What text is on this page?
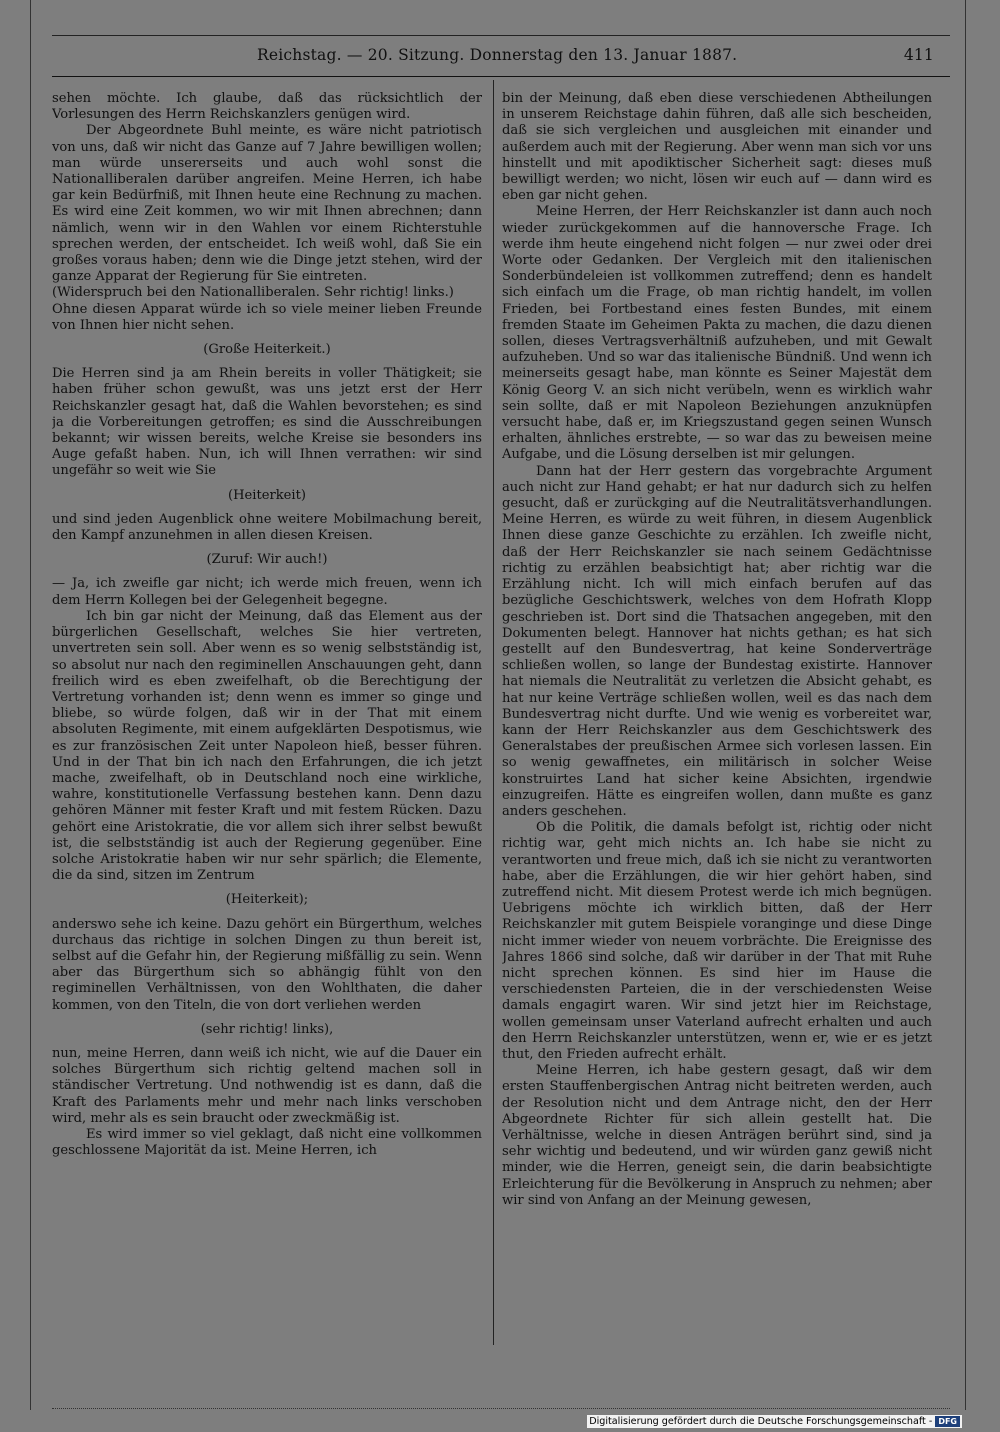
Reichstag. — 20. Sitzung. Donnerstag den 13. Januar 1887.	411

sehen möchte. Ich glaube, daß das rücksichtlich der Vorlesungen des Herrn Reichskanzlers genügen wird.

Der Abgeordnete Buhl meinte, es wäre nicht patriotisch von uns, daß wir nicht das Ganze auf 7 Jahre bewilligen wollen; man würde unsererseits und auch wohl sonst die Nationalliberalen darüber angreifen. Meine Herren, ich habe gar kein Bedürfniß, mit Ihnen heute eine Rechnung zu machen. Es wird eine Zeit kommen, wo wir mit Ihnen abrechnen; dann nämlich, wenn wir in den Wahlen vor einem Richterstuhle sprechen werden, der entscheidet. Ich weiß wohl, daß Sie ein großes voraus haben; denn wie die Dinge jetzt stehen, wird der ganze Apparat der Regierung für Sie eintreten.

(Widerspruch bei den Nationalliberalen. Sehr richtig! links.)

Ohne diesen Apparat würde ich so viele meiner lieben Freunde von Ihnen hier nicht sehen.

(Große Heiterkeit.)

Die Herren sind ja am Rhein bereits in voller Thätigkeit; sie haben früher schon gewußt, was uns jetzt erst der Herr Reichskanzler gesagt hat, daß die Wahlen bevorstehen; es sind ja die Vorbereitungen getroffen; es sind die Ausschreibungen bekannt; wir wissen bereits, welche Kreise sie besonders ins Auge gefaßt haben. Nun, ich will Ihnen verrathen: wir sind ungefähr so weit wie Sie

(Heiterkeit)

und sind jeden Augenblick ohne weitere Mobilmachung bereit, den Kampf anzunehmen in allen diesen Kreisen.

(Zuruf: Wir auch!)

— Ja, ich zweifle gar nicht; ich werde mich freuen, wenn ich dem Herrn Kollegen bei der Gelegenheit begegne.

Ich bin gar nicht der Meinung, daß das Element aus der bürgerlichen Gesellschaft, welches Sie hier vertreten, unvertreten sein soll. Aber wenn es so wenig selbstständig ist, so absolut nur nach den regiminellen Anschauungen geht, dann freilich wird es eben zweifelhaft, ob die Berechtigung der Vertretung vorhanden ist; denn wenn es immer so ginge und bliebe, so würde folgen, daß wir in der That mit einem absoluten Regimente, mit einem aufgeklärten Despotismus, wie es zur französischen Zeit unter Napoleon hieß, besser führen. Und in der That bin ich nach den Erfahrungen, die ich jetzt mache, zweifelhaft, ob in Deutschland noch eine wirkliche, wahre, konstitutionelle Verfassung bestehen kann. Denn dazu gehören Männer mit fester Kraft und mit festem Rücken. Dazu gehört eine Aristokratie, die vor allem sich ihrer selbst bewußt ist, die selbstständig ist auch der Regierung gegenüber. Eine solche Aristokratie haben wir nur sehr spärlich; die Elemente, die da sind, sitzen im Zentrum

(Heiterkeit);

anderswo sehe ich keine. Dazu gehört ein Bürgerthum, welches durchaus das richtige in solchen Dingen zu thun bereit ist, selbst auf die Gefahr hin, der Regierung mißfällig zu sein. Wenn aber das Bürgerthum sich so abhängig fühlt von den regiminellen Verhältnissen, von den Wohlthaten, die daher kommen, von den Titeln, die von dort verliehen werden

(sehr richtig! links),

nun, meine Herren, dann weiß ich nicht, wie auf die Dauer ein solches Bürgerthum sich richtig geltend machen soll in ständischer Vertretung. Und nothwendig ist es dann, daß die Kraft des Parlaments mehr und mehr nach links verschoben wird, mehr als es sein braucht oder zweckmäßig ist.

Es wird immer so viel geklagt, daß nicht eine vollkommen geschlossene Majorität da ist. Meine Herren, ich

bin der Meinung, daß eben diese verschiedenen Abtheilungen in unserem Reichstage dahin führen, daß alle sich bescheiden, daß sie sich vergleichen und ausgleichen mit einander und außerdem auch mit der Regierung. Aber wenn man sich vor uns hinstellt und mit apodiktischer Sicherheit sagt: dieses muß bewilligt werden; wo nicht, lösen wir euch auf — dann wird es eben gar nicht gehen.

Meine Herren, der Herr Reichskanzler ist dann auch noch wieder zurückgekommen auf die hannoversche Frage. Ich werde ihm heute eingehend nicht folgen — nur zwei oder drei Worte oder Gedanken. Der Vergleich mit den italienischen Sonderbündeleien ist vollkommen zutreffend; denn es handelt sich einfach um die Frage, ob man richtig handelt, im vollen Frieden, bei Fortbestand eines festen Bundes, mit einem fremden Staate im Geheimen Pakta zu machen, die dazu dienen sollen, dieses Vertragsverhältniß aufzuheben, und mit Gewalt aufzuheben. Und so war das italienische Bündniß. Und wenn ich meinerseits gesagt habe, man könnte es Seiner Majestät dem König Georg V. an sich nicht verübeln, wenn es wirklich wahr sein sollte, daß er mit Napoleon Beziehungen anzuknüpfen versucht habe, daß er, im Kriegszustand gegen seinen Wunsch erhalten, ähnliches erstrebte, — so war das zu beweisen meine Aufgabe, und die Lösung derselben ist mir gelungen.

Dann hat der Herr gestern das vorgebrachte Argument auch nicht zur Hand gehabt; er hat nur dadurch sich zu helfen gesucht, daß er zurückging auf die Neutralitätsverhandlungen. Meine Herren, es würde zu weit führen, in diesem Augenblick Ihnen diese ganze Geschichte zu erzählen. Ich zweifle nicht, daß der Herr Reichskanzler sie nach seinem Gedächtnisse richtig zu erzählen beabsichtigt hat; aber richtig war die Erzählung nicht. Ich will mich einfach berufen auf das bezügliche Geschichtswerk, welches von dem Hofrath Klopp geschrieben ist. Dort sind die Thatsachen angegeben, mit den Dokumenten belegt. Hannover hat nichts gethan; es hat sich gestellt auf den Bundesvertrag, hat keine Sonderverträge schließen wollen, so lange der Bundestag existirte. Hannover hat niemals die Neutralität zu verletzen die Absicht gehabt, es hat nur keine Verträge schließen wollen, weil es das nach dem Bundesvertrag nicht durfte. Und wie wenig es vorbereitet war, kann der Herr Reichskanzler aus dem Geschichtswerk des Generalstabes der preußischen Armee sich vorlesen lassen. Ein so wenig gewaffnetes, ein militärisch in solcher Weise konstruirtes Land hat sicher keine Absichten, irgendwie einzugreifen. Hätte es eingreifen wollen, dann mußte es ganz anders geschehen.

Ob die Politik, die damals befolgt ist, richtig oder nicht richtig war, geht mich nichts an. Ich habe sie nicht zu verantworten und freue mich, daß ich sie nicht zu verantworten habe, aber die Erzählungen, die wir hier gehört haben, sind zutreffend nicht. Mit diesem Protest werde ich mich begnügen. Uebrigens möchte ich wirklich bitten, daß der Herr Reichskanzler mit gutem Beispiele voranginge und diese Dinge nicht immer wieder von neuem vorbrächte. Die Ereignisse des Jahres 1866 sind solche, daß wir darüber in der That mit Ruhe nicht sprechen können. Es sind hier im Hause die verschiedensten Parteien, die in der verschiedensten Weise damals engagirt waren. Wir sind jetzt hier im Reichstage, wollen gemeinsam unser Vaterland aufrecht erhalten und auch den Herrn Reichskanzler unterstützen, wenn er, wie er es jetzt thut, den Frieden aufrecht erhält.

Meine Herren, ich habe gestern gesagt, daß wir dem ersten Stauffenbergischen Antrag nicht beitreten werden, auch der Resolution nicht und dem Antrage nicht, den der Herr Abgeordnete Richter für sich allein gestellt hat. Die Verhältnisse, welche in diesen Anträgen berührt sind, sind ja sehr wichtig und bedeutend, und wir würden ganz gewiß nicht minder, wie die Herren, geneigt sein, die darin beabsichtigte Erleichterung für die Bevölkerung in Anspruch zu nehmen; aber wir sind von Anfang an der Meinung gewesen,

Digitalisierung gefördert durch die Deutsche Forschungsgemeinschaft - DFG
